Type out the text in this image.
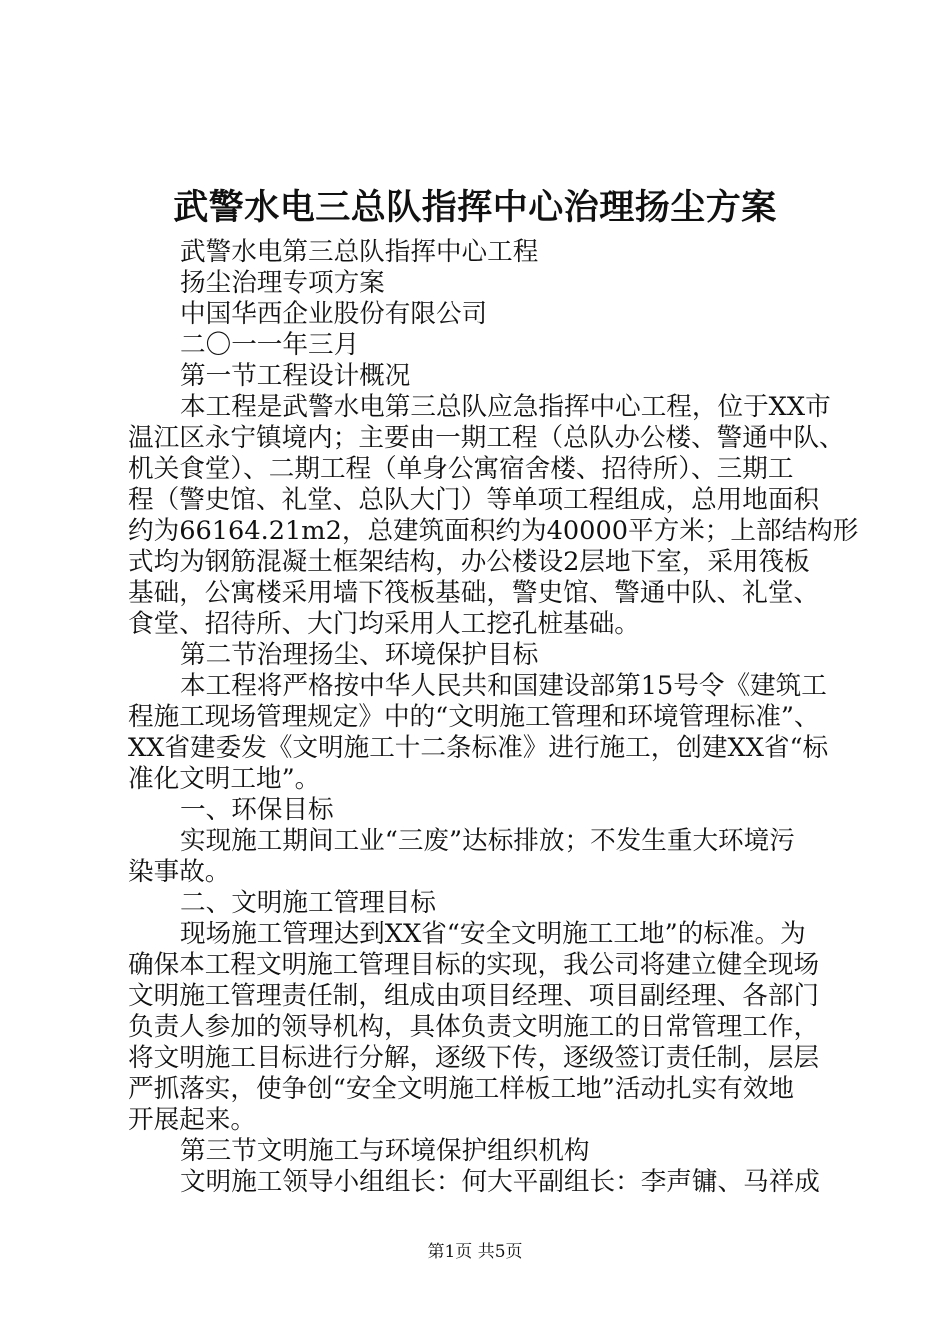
武警水电三总队指挥中心治理扬尘方案
武警水电第三总队指挥中心工程
扬尘治理专项方案
中国华西企业股份有限公司
二〇一一年三月
第一节工程设计概况
本工程是武警水电第三总队应急指挥中心工程，位于XX市
温江区永宁镇境内；主要由一期工程（总队办公楼、警通中队、
机关食堂）、二期工程（单身公寓宿舍楼、招待所）、三期工
程（警史馆、礼堂、总队大门）等单项工程组成，总用地面积
约为66164.21m2，总建筑面积约为40000平方米；上部结构形
式均为钢筋混凝土框架结构，办公楼设2层地下室，采用筏板
基础，公寓楼采用墙下筏板基础，警史馆、警通中队、礼堂、
食堂、招待所、大门均采用人工挖孔桩基础。
第二节治理扬尘、环境保护目标
本工程将严格按中华人民共和国建设部第15号令《建筑工
程施工现场管理规定》中的“文明施工管理和环境管理标准”、
XX省建委发《文明施工十二条标准》进行施工，创建XX省“标
准化文明工地”。
一、环保目标
实现施工期间工业“三废”达标排放；不发生重大环境污
染事故。
二、文明施工管理目标
现场施工管理达到XX省“安全文明施工工地”的标准。为
确保本工程文明施工管理目标的实现，我公司将建立健全现场
文明施工管理责任制，组成由项目经理、项目副经理、各部门
负责人参加的领导机构，具体负责文明施工的日常管理工作，
将文明施工目标进行分解，逐级下传，逐级签订责任制，层层
严抓落实，使争创“安全文明施工样板工地”活动扎实有效地
开展起来。
第三节文明施工与环境保护组织机构
文明施工领导小组组长：何大平副组长：李声镛、马祥成
第1页 共5页
